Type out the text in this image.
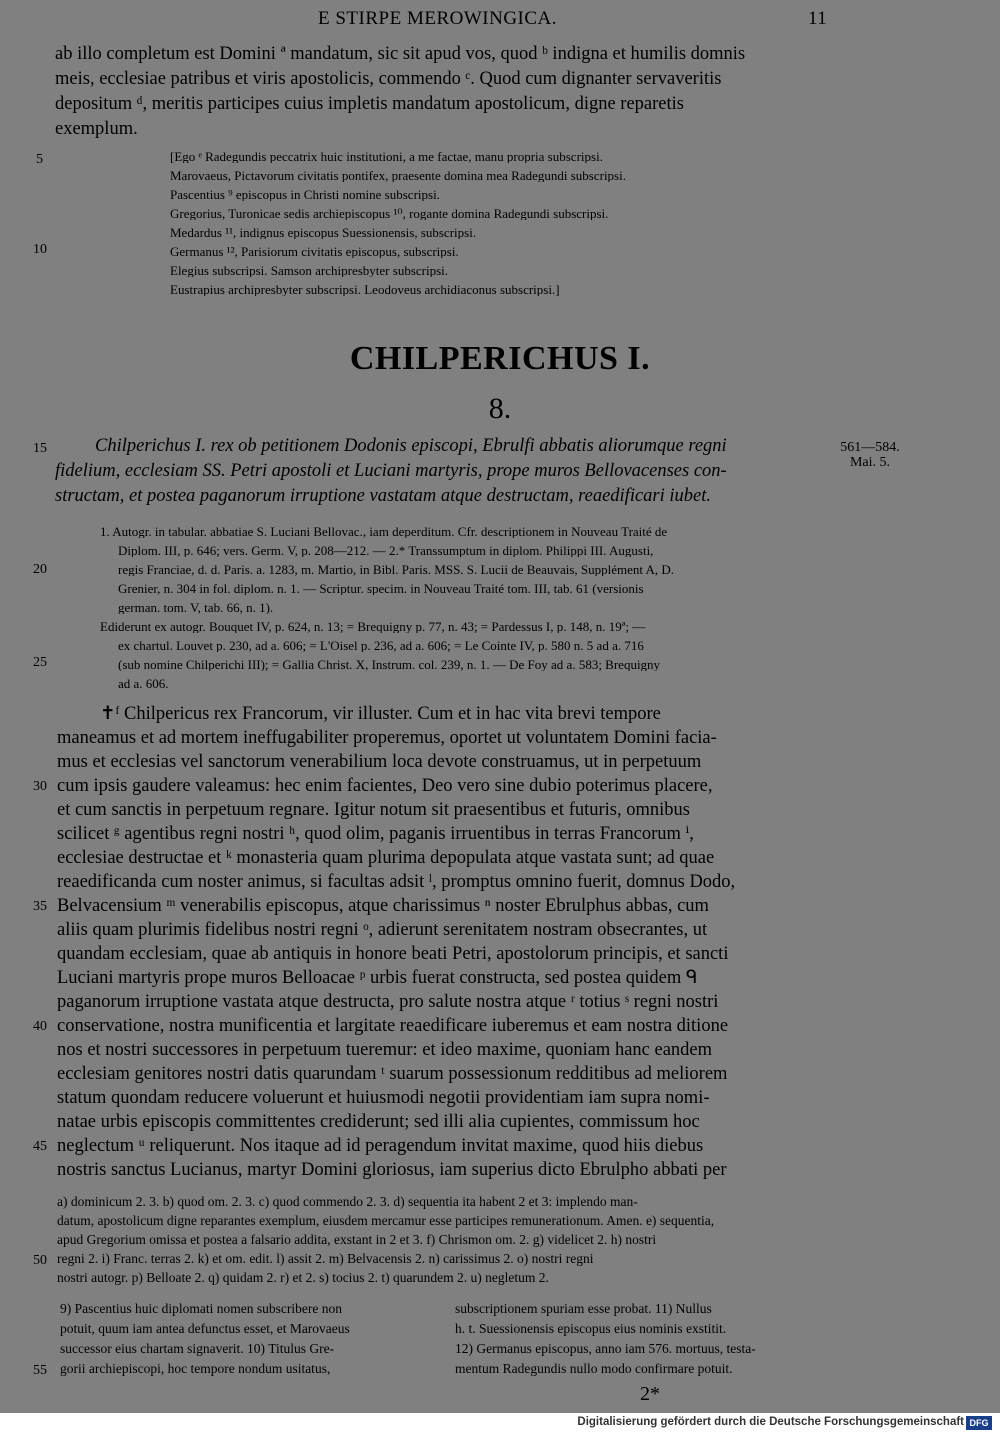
E STIRPE MEROWINGICA.	11
ab illo completum est Domini ª mandatum, sic sit apud vos, quod ᵇ indigna et humilis domnis
meis, ecclesiae patribus et viris apostolicis, commendo ᶜ. Quod cum dignanter servaveritis
depositum ᵈ, meritis participes cuius impletis mandatum apostolicum, digne reparetis
exemplum.
[Ego ᵉ Radegundis peccatrix huic institutioni, a me factae, manu propria subscripsi.
Marovaeus, Pictavorum civitatis pontifex, praesente domina mea Radegundi subscripsi.
Pascentius ⁹ episcopus in Christi nomine subscripsi.
Gregorius, Turonicae sedis archiepiscopus ¹⁰, rogante domina Radegundi subscripsi.
Medardus ¹¹, indignus episcopus Suessionensis, subscripsi.
Germanus ¹², Parisiorum civitatis episcopus, subscripsi.
Elegius subscripsi. Samson archipresbyter subscripsi.
Eustrapius archipresbyter subscripsi. Leodoveus archidiaconus subscripsi.]
CHILPERICHUS I.
8.
Chilperichus I. rex ob petitionem Dodonis episcopi, Ebrulfi abbatis aliorumque regni
fidelium, ecclesiam SS. Petri apostoli et Luciani martyris, prope muros Bellovacenses con-
structam, et postea paganorum irruptione vastatam atque destructam, reaedificari iubet.
561—584.
Mai. 5.
1. Autogr. in tabular. abbatiae S. Luciani Bellovac., iam deperditum. Cfr. descriptionem in Nouveau Traité de
Diplom. III, p. 646; vers. Germ. V, p. 208—212. — 2.* Transsumptum in diplom. Philippi III. Augusti,
regis Franciae, d. d. Paris. a. 1283, m. Martio, in Bibl. Paris. MSS. S. Lucii de Beauvais, Supplément A, D.
Grenier, n. 304 in fol. diplom. n. 1. — Scriptur. specim. in Nouveau Traité tom. III, tab. 61 (versionis
german. tom. V, tab. 66, n. 1).
Ediderunt ex autogr. Bouquet IV, p. 624, n. 13; = Brequigny p. 77, n. 43; = Pardessus I, p. 148, n. 19ª; —
ex chartul. Louvet p. 230, ad a. 606; = L'Oisel p. 236, ad a. 606; = Le Cointe IV, p. 580 n. 5 ad a. 716
(sub nomine Chilperichi III); = Gallia Christ. X, Instrum. col. 239, n. 1. — De Foy ad a. 583; Brequigny
ad a. 606.
✝ᶠ Chilpericus rex Francorum, vir illuster. Cum et in hac vita brevi tempore
maneamus et ad mortem ineffugabiliter properemus, oportet ut voluntatem Domini facia-
mus et ecclesias vel sanctorum venerabilium loca devote construamus, ut in perpetuum
cum ipsis gaudere valeamus: hec enim facientes, Deo vero sine dubio poterimus placere,
et cum sanctis in perpetuum regnare. Igitur notum sit praesentibus et futuris, omnibus
scilicet ᵍ agentibus regni nostri ʰ, quod olim, paganis irruentibus in terras Francorum ⁱ,
ecclesiae destructae et ᵏ monasteria quam plurima depopulata atque vastata sunt; ad quae
reaedificanda cum noster animus, si facultas adsit ˡ, promptus omnino fuerit, domnus Dodo,
Belvacensium ᵐ venerabilis episcopus, atque charissimus ⁿ noster Ebrulphus abbas, cum
aliis quam plurimis fidelibus nostri regni ᵒ, adierunt serenitatem nostram obsecrantes, ut
quandam ecclesiam, quae ab antiquis in honore beati Petri, apostolorum principis, et sancti
Luciani martyris prope muros Belloacae ᵖ urbis fuerat constructa, sed postea quidem ᑫ
paganorum irruptione vastata atque destructa, pro salute nostra atque ʳ totius ˢ regni nostri
conservatione, nostra munificentia et largitate reaedificare iuberemus et eam nostra ditione
nos et nostri successores in perpetuum tueremur: et ideo maxime, quoniam hanc eandem
ecclesiam genitores nostri datis quarundam ᵗ suarum possessionum redditibus ad meliorem
statum quondam reducere voluerunt et huiusmodi negotii providentiam iam supra nomi-
natae urbis episcopis committentes crediderunt; sed illi alia cupientes, commissum hoc
neglectum ᵘ reliquerunt. Nos itaque ad id peragendum invitat maxime, quod hiis diebus
nostris sanctus Lucianus, martyr Domini gloriosus, iam superius dicto Ebrulpho abbati per
a) dominicum 2. 3. b) quod om. 2. 3. c) quod commendo 2. 3. d) sequentia ita habent 2 et 3: implendo man-
datum, apostolicum digne reparantes exemplum, eiusdem mercamur esse participes remunerationum. Amen. e) sequentia,
apud Gregorium omissa et postea a falsario addita, exstant in 2 et 3. f) Chrismon om. 2. g) videlicet 2. h) nostri
regni 2. i) Franc. terras 2. k) et om. edit. l) assit 2. m) Belvacensis 2. n) carissimus 2. o) nostri regni
nostri autogr. p) Belloate 2. q) quidam 2. r) et 2. s) tocius 2. t) quarundem 2. u) negletum 2.
9) Pascentius huic diplomati nomen subscribere non
potuit, quum iam antea defunctus esset, et Marovaeus
successor eius chartam signaverit. 10) Titulus Gre-
gorii archiepiscopi, hoc tempore nondum usitatus,
subscriptionem spuriam esse probat. 11) Nullus
h. t. Suessionensis episcopus eius nominis exstitit.
12) Germanus episcopus, anno iam 576. mortuus, testa-
mentum Radegundis nullo modo confirmare potuit.
2*
5
10
15
20
25
30
35
40
45
50
55
Digitalisierung gefördert durch die Deutsche Forschungsgemeinschaft DFG
